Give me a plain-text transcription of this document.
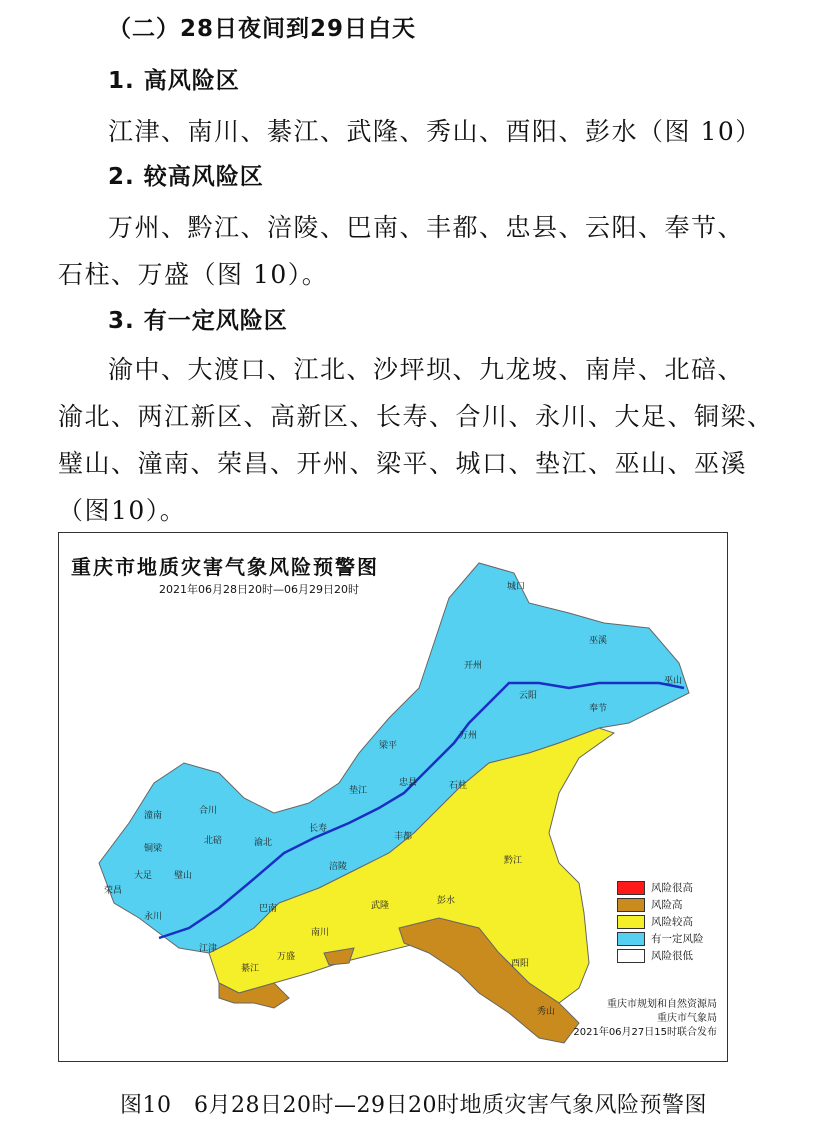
（二）28日夜间到29日白天
1. 高风险区
江津、南川、綦江、武隆、秀山、酉阳、彭水（图 10）
2. 较高风险区
万州、黔江、涪陵、巴南、丰都、忠县、云阳、奉节、
石柱、万盛（图 10）。
3. 有一定风险区
渝中、大渡口、江北、沙坪坝、九龙坡、南岸、北碚、
渝北、两江新区、高新区、长寿、合川、永川、大足、铜梁、
璧山、潼南、荣昌、开州、梁平、城口、垫江、巫山、巫溪
（图10）。
重庆市地质灾害气象风险预警图
2021年06月28日20时—06月29日20时	城口
巫溪
开州
云阳
巫山
奉节
梁平
万州
垫江
忠县	石柱
潼南	合川
北碚	渝北
长寿
丰都
铜梁
大足 璧山
荣昌
永川
巴南
涪陵
武隆	彭水
黔江
南川
江津
綦江
万盛
酉阳
秀山
风险很高
风险高
风险较高
有一定风险
风险很低
重庆市规划和自然资源局
重庆市气象局
2021年06月27日15时联合发布
图10　6月28日20时—29日20时地质灾害气象风险预警图
